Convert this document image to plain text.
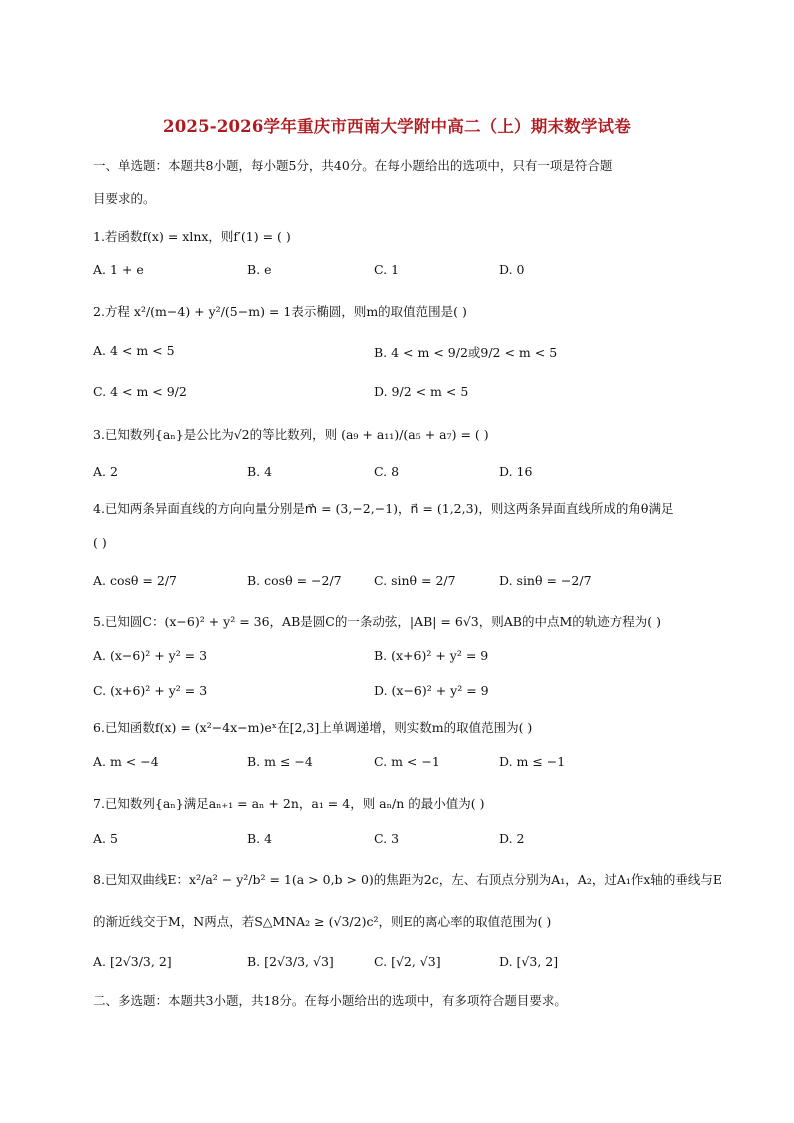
2025-2026学年重庆市西南大学附中高二（上）期末数学试卷
一、单选题：本题共8小题，每小题5分，共40分。在每小题给出的选项中，只有一项是符合题
目要求的。
1.若函数f(x) = xlnx，则f′(1) = ( )
A. 1 + e	B. e	C. 1	D. 0
2.方程 x²/(m−4) + y²/(5−m) = 1表示椭圆，则m的取值范围是( )
A. 4 < m < 5	B. 4 < m < 9/2或9/2 < m < 5
C. 4 < m < 9/2	D. 9/2 < m < 5
3.已知数列{aₙ}是公比为√2的等比数列，则 (a₉ + a₁₁)/(a₅ + a₇) = ( )
A. 2	B. 4	C. 8	D. 16
4.已知两条异面直线的方向向量分别是m⃗ = (3,−2,−1)，n⃗ = (1,2,3)，则这两条异面直线所成的角θ满足
( )
A. cosθ = 2/7	B. cosθ = −2/7	C. sinθ = 2/7	D. sinθ = −2/7
5.已知圆C：(x−6)² + y² = 36，AB是圆C的一条动弦，|AB| = 6√3，则AB的中点M的轨迹方程为( )
A. (x−6)² + y² = 3	B. (x+6)² + y² = 9
C. (x+6)² + y² = 3	D. (x−6)² + y² = 9
6.已知函数f(x) = (x²−4x−m)eˣ在[2,3]上单调递增，则实数m的取值范围为( )
A. m < −4	B. m ≤ −4	C. m < −1	D. m ≤ −1
7.已知数列{aₙ}满足aₙ₊₁ = aₙ + 2n，a₁ = 4，则 aₙ/n 的最小值为( )
A. 5	B. 4	C. 3	D. 2
8.已知双曲线E：x²/a² − y²/b² = 1(a > 0,b > 0)的焦距为2c，左、右顶点分别为A₁，A₂，过A₁作x轴的垂线与E
的渐近线交于M，N两点，若S△MNA₂ ≥ (√3/2)c²，则E的离心率的取值范围为( )
A. [2√3/3, 2]	B. [2√3/3, √3]	C. [√2, √3]	D. [√3, 2]
二、多选题：本题共3小题，共18分。在每小题给出的选项中，有多项符合题目要求。
